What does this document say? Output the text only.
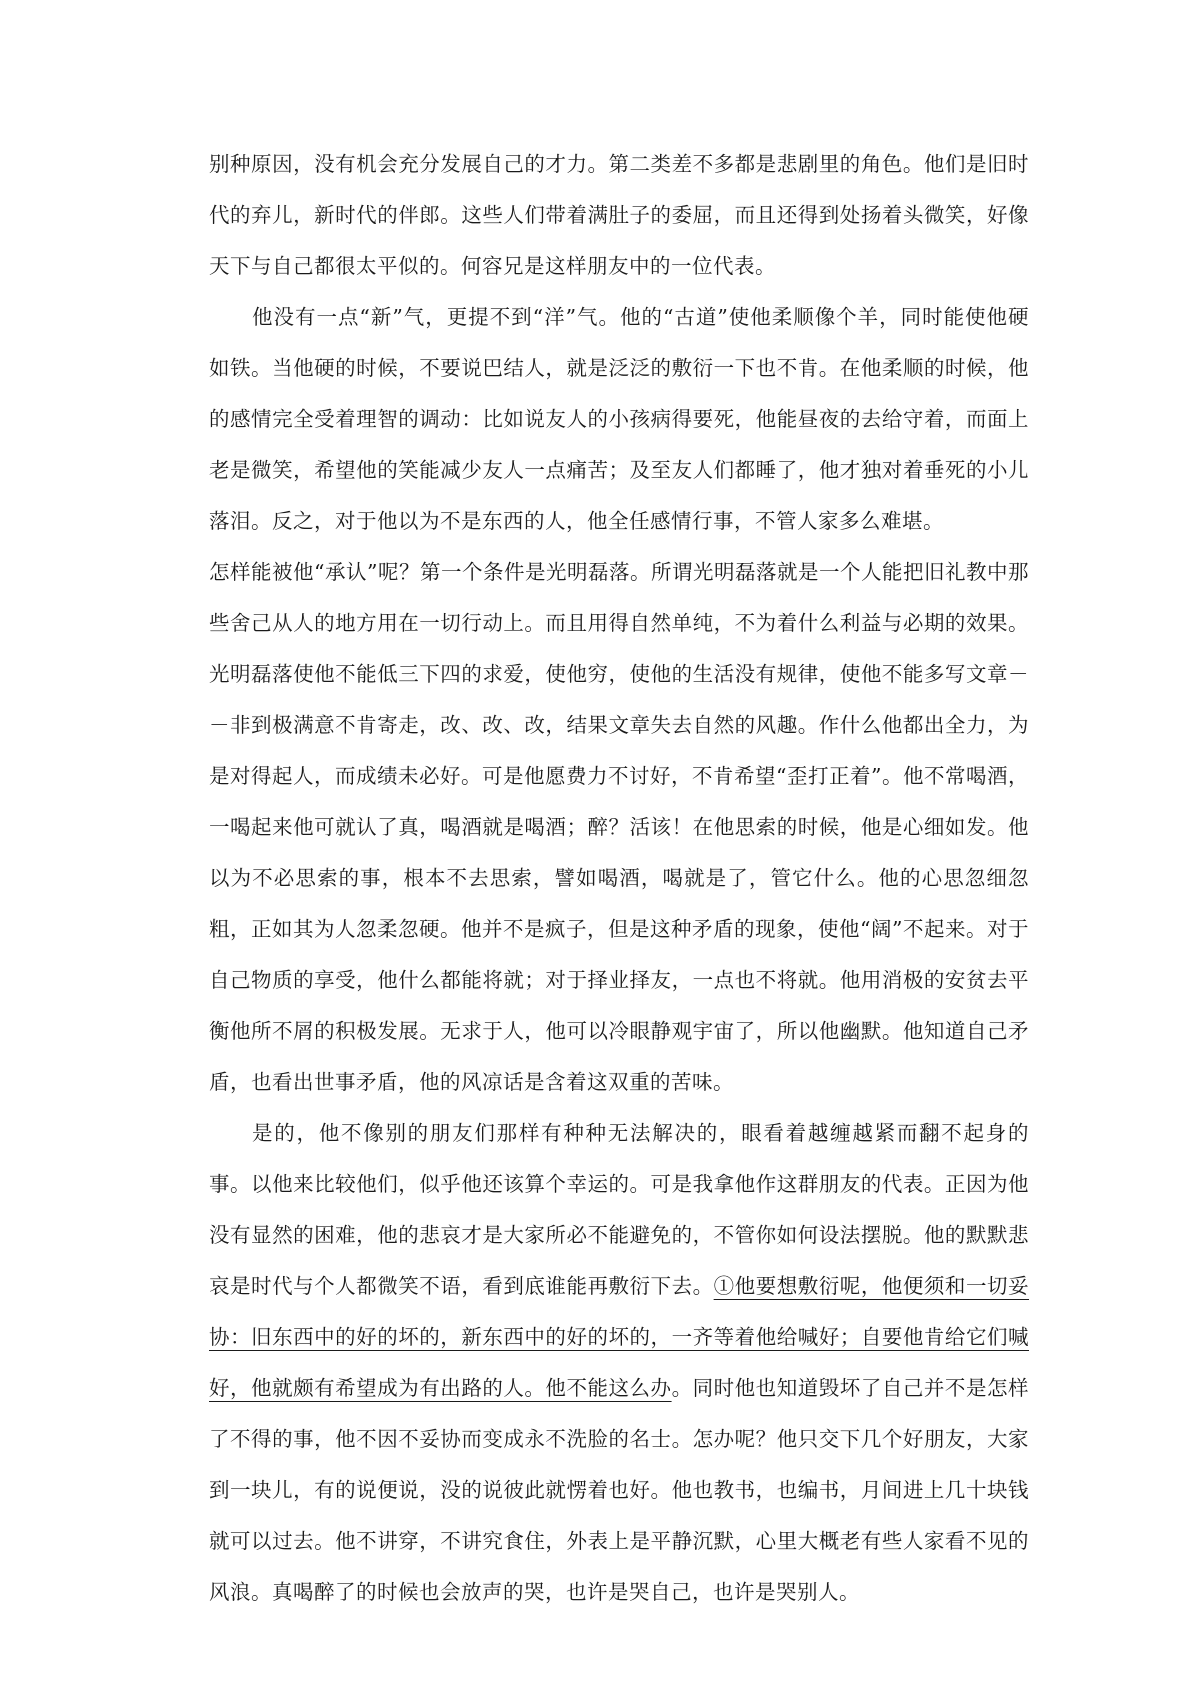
别种原因，没有机会充分发展自己的才力。第二类差不多都是悲剧里的角色。他们是旧时代的弃儿，新时代的伴郎。这些人们带着满肚子的委屈，而且还得到处扬着头微笑，好像天下与自己都很太平似的。何容兄是这样朋友中的一位代表。

他没有一点“新”气，更提不到“洋”气。他的“古道”使他柔顺像个羊，同时能使他硬如铁。当他硬的时候，不要说巴结人，就是泛泛的敷衍一下也不肯。在他柔顺的时候，他的感情完全受着理智的调动：比如说友人的小孩病得要死，他能昼夜的去给守着，而面上老是微笑，希望他的笑能减少友人一点痛苦；及至友人们都睡了，他才独对着垂死的小儿落泪。反之，对于他以为不是东西的人，他全任感情行事，不管人家多么难堪。

怎样能被他“承认”呢？第一个条件是光明磊落。所谓光明磊落就是一个人能把旧礼教中那些舍己从人的地方用在一切行动上。而且用得自然单纯，不为着什么利益与必期的效果。光明磊落使他不能低三下四的求爱，使他穷，使他的生活没有规律，使他不能多写文章－－非到极满意不肯寄走，改、改、改，结果文章失去自然的风趣。作什么他都出全力，为是对得起人，而成绩未必好。可是他愿费力不讨好，不肯希望“歪打正着”。他不常喝酒，一喝起来他可就认了真，喝酒就是喝酒；醉？活该！在他思索的时候，他是心细如发。他以为不必思索的事，根本不去思索，譬如喝酒，喝就是了，管它什么。他的心思忽细忽粗，正如其为人忽柔忽硬。他并不是疯子，但是这种矛盾的现象，使他“阔”不起来。对于自己物质的享受，他什么都能将就；对于择业择友，一点也不将就。他用消极的安贫去平衡他所不屑的积极发展。无求于人，他可以冷眼静观宇宙了，所以他幽默。他知道自己矛盾，也看出世事矛盾，他的风凉话是含着这双重的苦味。

是的，他不像别的朋友们那样有种种无法解决的，眼看着越缠越紧而翻不起身的事。以他来比较他们，似乎他还该算个幸运的。可是我拿他作这群朋友的代表。正因为他没有显然的困难，他的悲哀才是大家所必不能避免的，不管你如何设法摆脱。他的默默悲哀是时代与个人都微笑不语，看到底谁能再敷衍下去。①他要想敷衍呢，他便须和一切妥协：旧东西中的好的坏的，新东西中的好的坏的，一齐等着他给喊好；自要他肯给它们喊好，他就颇有希望成为有出路的人。他不能这么办。同时他也知道毁坏了自己并不是怎样了不得的事，他不因不妥协而变成永不洗脸的名士。怎办呢？他只交下几个好朋友，大家到一块儿，有的说便说，没的说彼此就愣着也好。他也教书，也编书，月间进上几十块钱就可以过去。他不讲穿，不讲究食住，外表上是平静沉默，心里大概老有些人家看不见的风浪。真喝醉了的时候也会放声的哭，也许是哭自己，也许是哭别人。
